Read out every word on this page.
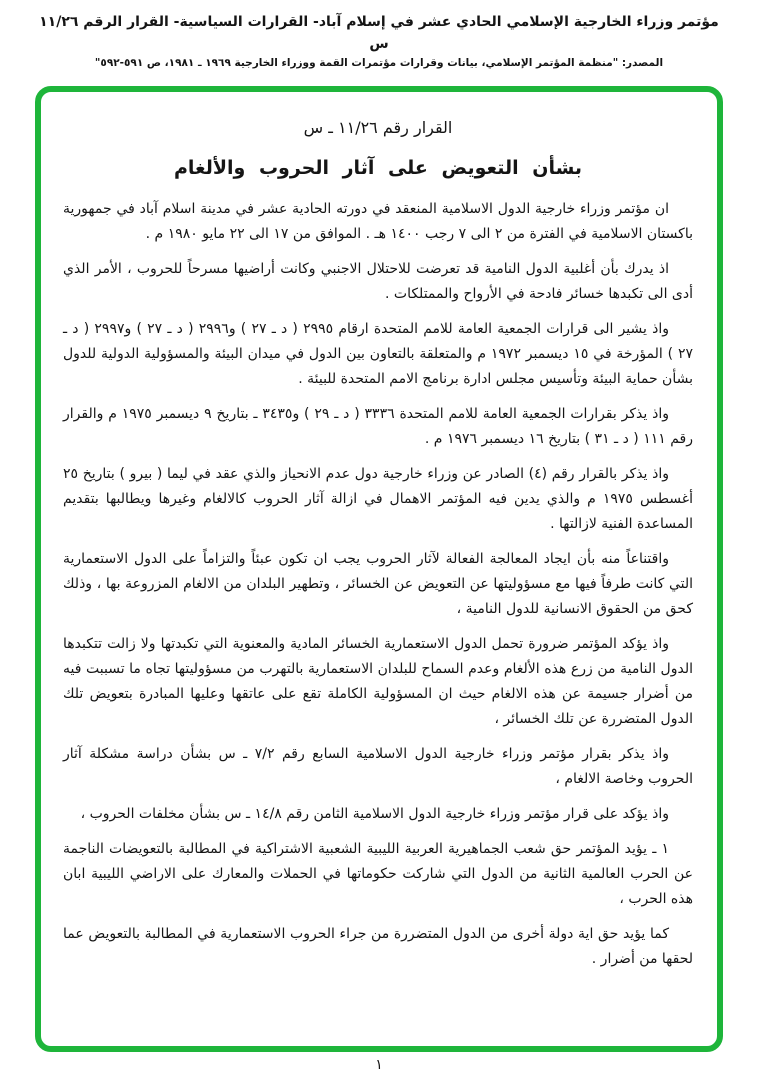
مؤتمر وزراء الخارجية الإسلامي الحادي عشر في إسلام آباد- القرارات السياسية- القرار الرقم ١١/٢٦ س
المصدر: "منظمة المؤتمر الإسلامي، بيانات وقرارات مؤتمرات القمة ووزراء الخارجية ١٩٦٩ ـ ١٩٨١، ص ٥٩١-٥٩٢"
القرار رقم ١١/٢٦ ـ س
بشأن التعويض على آثار الحروب والألغام

ان مؤتمر وزراء خارجية الدول الاسلامية المنعقد في دورته الحادية عشر في مدينة اسلام آباد في جمهورية باكستان الاسلامية في الفترة من ٢ الى ٧ رجب ١٤٠٠ هـ . الموافق من ١٧ الى ٢٢ مايو ١٩٨٠ م .

اذ يدرك بأن أغلبية الدول النامية قد تعرضت للاحتلال الاجنبي وكانت أراضيها مسرحاً للحروب ، الأمر الذي أدى الى تكبدها خسائر فادحة في الأرواح والممتلكات .

واذ يشير الى قرارات الجمعية العامة للامم المتحدة ارقام ٢٩٩٥ ( د ـ ٢٧ ) و٢٩٩٦ ( د ـ ٢٧ ) و٢٩٩٧ ( د ـ ٢٧ ) المؤرخة في ١٥ ديسمبر ١٩٧٢ م والمتعلقة بالتعاون بين الدول في ميدان البيئة والمسؤولية الدولية للدول بشأن حماية البيئة وتأسيس مجلس ادارة برنامج الامم المتحدة للبيئة .

واذ يذكر بقرارات الجمعية العامة للامم المتحدة ٣٣٣٦ ( د ـ ٢٩ ) و٣٤٣٥ ـ بتاريخ ٩ ديسمبر ١٩٧٥ م والقرار رقم ١١١ ( د ـ ٣١ ) بتاريخ ١٦ ديسمبر ١٩٧٦ م .

واذ يذكر بالقرار رقم (٤) الصادر عن وزراء خارجية دول عدم الانحياز والذي عقد في ليما ( بيرو ) بتاريخ ٢٥ أغسطس ١٩٧٥ م والذي يدين فيه المؤتمر الاهمال في ازالة آثار الحروب كالالغام وغيرها ويطالبها بتقديم المساعدة الفنية لازالتها .

واقتناعاً منه بأن ايجاد المعالجة الفعالة لآثار الحروب يجب ان تكون عبئاً والتزاماً على الدول الاستعمارية التي كانت طرفاً فيها مع مسؤوليتها عن التعويض عن الخسائر ، وتطهير البلدان من الالغام المزروعة بها ، وذلك كحق من الحقوق الانسانية للدول النامية ،

واذ يؤكد المؤتمر ضرورة تحمل الدول الاستعمارية الخسائر المادية والمعنوية التي تكبدتها ولا زالت تتكبدها الدول النامية من زرع هذه الألغام وعدم السماح للبلدان الاستعمارية بالتهرب من مسؤوليتها تجاه ما تسببت فيه من أضرار جسيمة عن هذه الالغام حيث ان المسؤولية الكاملة تقع على عاتقها وعليها المبادرة بتعويض تلك الدول المتضررة عن تلك الخسائر ،

واذ يذكر بقرار مؤتمر وزراء خارجية الدول الاسلامية السابع رقم ٧/٢ ـ س بشأن دراسة مشكلة آثار الحروب وخاصة الالغام ،

واذ يؤكد على قرار مؤتمر وزراء خارجية الدول الاسلامية الثامن رقم ١٤/٨ ـ س بشأن مخلفات الحروب ،

١ ـ يؤيد المؤتمر حق شعب الجماهيرية العربية الليبية الشعبية الاشتراكية في المطالبة بالتعويضات الناجمة عن الحرب العالمية الثانية من الدول التي شاركت حكوماتها في الحملات والمعارك على الاراضي الليبية ابان هذه الحرب ،

كما يؤيد حق اية دولة أخرى من الدول المتضررة من جراء الحروب الاستعمارية في المطالبة بالتعويض عما لحقها من أضرار .

١
